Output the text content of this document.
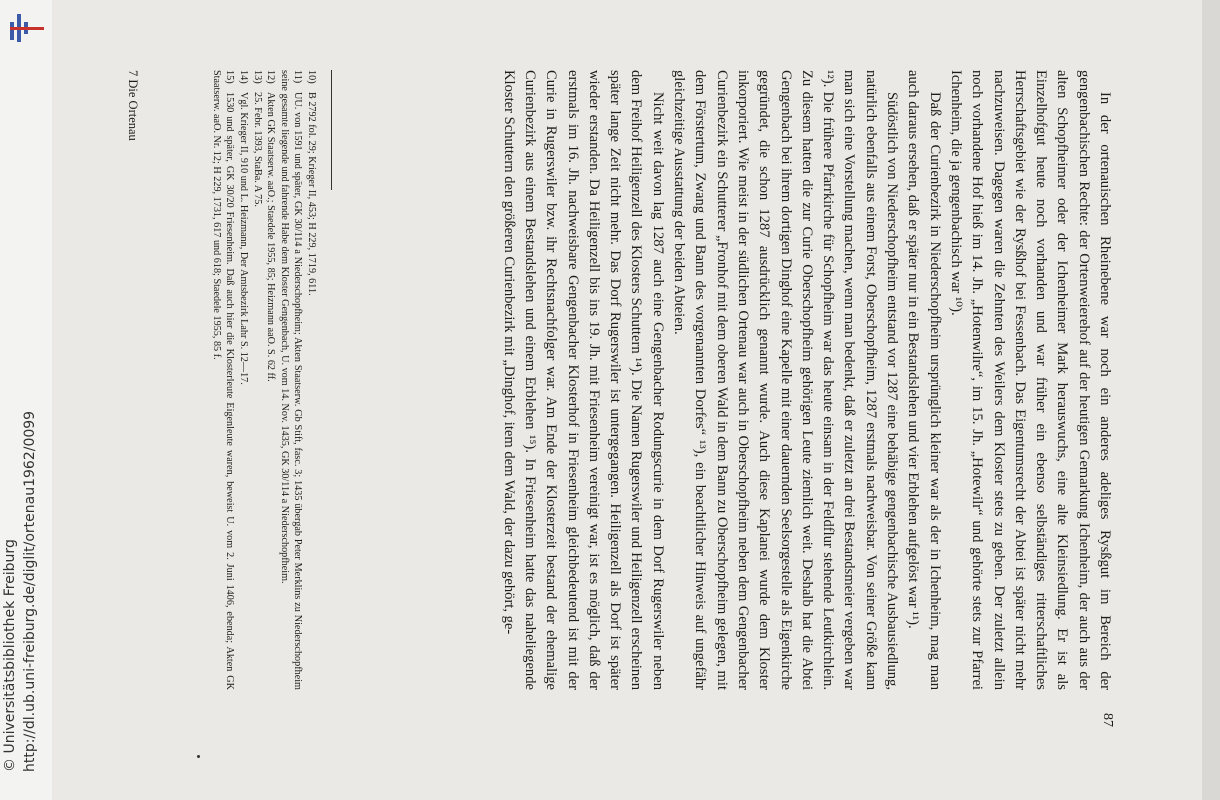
© Universitätsbibliothek Freiburg http://dl.ub.uni-freiburg.de/diglit/ortenau1962/0099	87

In der ortenauischen Rheinebene war noch ein anderes adeliges Rysßgut im Bereich der gengenbachischen Rechte: der Ortenweierehof auf der heutigen Gemarkung Ichenheim, der auch aus der alten Schopfheimer oder der Ichenheimer Mark herauswuchs, eine alte Kleinsiedlung. Er ist als Einzelhofgut heute noch vorhanden und war früher ein ebenso selbständiges ritterschaftliches Herrschaftsgebiet wie der Rysßhof bei Fessenbach. Das Eigentumsrecht der Abtei ist später nicht mehr nachzuweisen. Dagegen waren die Zehnten des Weilers dem Kloster stets zu geben. Der zuletzt allein noch vorhandene Hof hieß im 14. Jh. „Hotenwilre“, im 15. Jh. „Hotewilr“ und gehörte stets zur Pfarrei Ichenheim, die ja gengenbachisch war ¹⁰).

Daß der Curienbezirk in Niederschopfheim ursprünglich kleiner war als der in Ichenheim, mag man auch daraus ersehen, daß er später nur in ein Bestandslehen und vier Erblehen aufgelöst war ¹¹).

Südöstlich von Niederschopfheim entstand vor 1287 eine behäbige gengenbachische Ausbausiedlung, natürlich ebenfalls aus einem Forst, Oberschopfheim, 1287 erstmals nachweisbar. Von seiner Größe kann man sich eine Vorstellung machen, wenn man bedenkt, daß er zuletzt an drei Bestandsmeier vergeben war ¹²). Die frühere Pfarrkirche für Schopfheim war das heute einsam in der Feldflur stehende Leutkirchlein. Zu diesem hatten die zur Curie Oberschopfheim gehörigen Leute ziemlich weit. Deshalb hat die Abtei Gengenbach bei ihrem dortigen Dinghof eine Kapelle mit einer dauernden Seelsorgestelle als Eigenkirche gegründet, die schon 1287 ausdrücklich genannt wurde. Auch diese Kaplanei wurde dem Kloster inkorporiert. Wie meist in der südlichen Ortenau war auch in Oberschopfheim neben dem Gengenbacher Curienbezirk ein Schutterer „Fronhof mit dem oberen Wald in dem Bann zu Oberschopfheim gelegen, mit dem Förstertum, Zwang und Bann des vorgenannten Dorfes“ ¹³), ein beachtlicher Hinweis auf ungefähr gleichzeitige Ausstattung der beiden Abteien.

Nicht weit davon lag 1287 auch eine Gengenbacher Rodungscurie in dem Dorf Rugerswiler neben dem Freihof Heiligenzell des Klosters Schuttern ¹⁴). Die Namen Rugerswiler und Heiligenzell erscheinen später lange Zeit nicht mehr. Das Dorf Rugerswiler ist untergegangen. Heiligenzell als Dorf ist später wieder erstanden. Da Heiligenzell bis ins 19. Jh. mit Friesenheim vereinigt war, ist es möglich, daß der erstmals im 16. Jh. nachweisbare Gengenbacher Klosterhof in Friesenheim gleichbedeutend ist mit der Curie in Rugerswiler bzw. ihr Rechtsnachfolger war. Am Ende der Klosterzeit bestand der ehemalige Curienbezirk aus einem Bestandslehen und einem Erblehen ¹⁵). In Friesenheim hatte das naheliegende Kloster Schuttern den größeren Curienbezirk mit „Dinghof, item dem Wald, der dazu gehört, ge-

10)B 2792 fol. 29; Krieger II, 453; H 229, 1719, 611.

11)UU. von 1591 und später, GK 30/114 a Niederschopfheim; Akten Staatserw. Gb Stift, fasc. 3; 1435 übergab Peter Merklins zu Niederschopfheim seine gesamte liegende und fahrende Habe dem Kloster Gengenbach, U. vom 14. Nov. 1435, GK 30/114 a Niederschopfheim.

12)Akten GK Staatserw. aaO.; Staedele 1955, 85; Heizmann aaO. S. 62 ff.

13)25. Febr. 1393, StaBa. A 75.

14)Vgl. Krieger II, 910 und L. Heizmann, Der Amtsbezirk Lahr S. 12—17.

15)1530 und später, GK 30/20 Friesenheim. Daß auch hier die Klosterleute Eigenleute waren, beweist U. vom 2. Juni 1406, ebenda; Akten GK Staatserw. aaO. Nr. 12; H 229, 1731, 617 und 618; Staedele 1955, 85 f.

7 Die Ortenau
